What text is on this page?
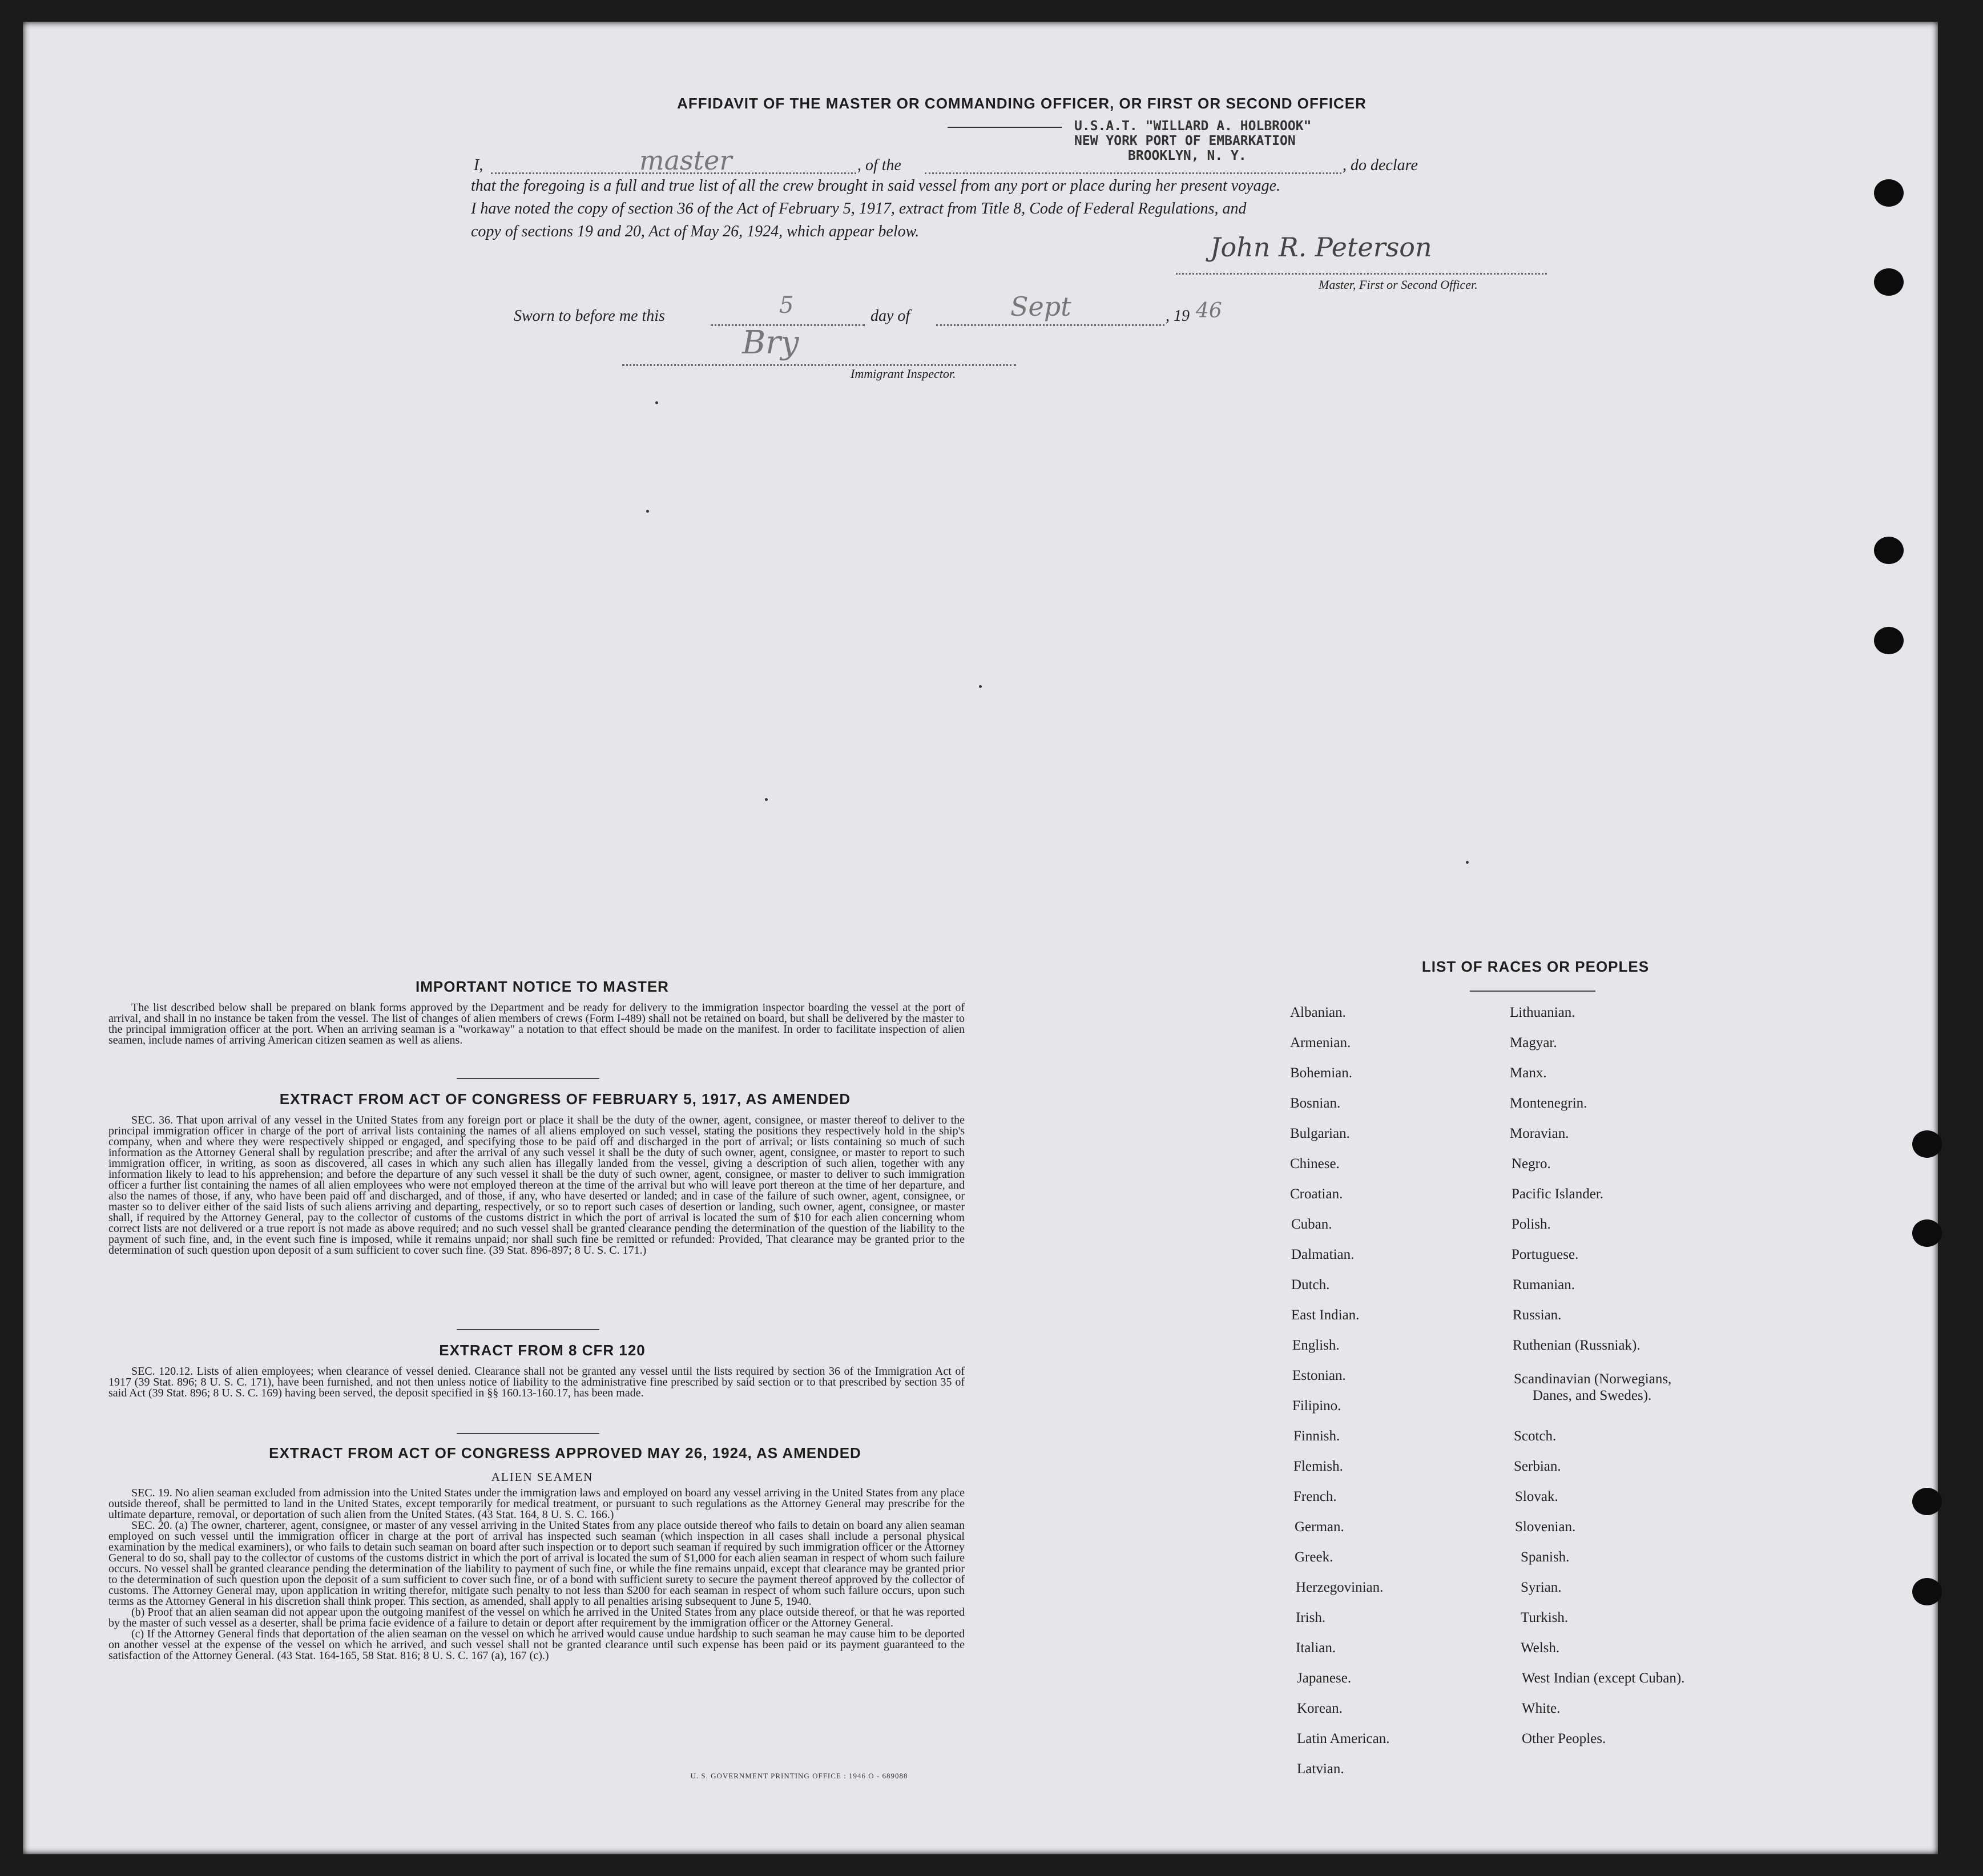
AFFIDAVIT OF THE MASTER OR COMMANDING OFFICER, OR FIRST OR SECOND OFFICER
U.S.A.T. "WILLARD A. HOLBROOK"
NEW YORK PORT OF EMBARKATION
BROOKLYN, N. Y.
I,	master	, of the	, do declare
that the foregoing is a full and true list of all the crew brought in said vessel from any port or place during her present voyage.
I have noted the copy of section 36 of the Act of February 5, 1917, extract from Title 8, Code of Federal Regulations, and
copy of sections 19 and 20, Act of May 26, 1924, which appear below.
John R. Peterson
Master, First or Second Officer.
Sworn to before me this	5	day of	Sept	, 19 46
Bry
Immigrant Inspector.
IMPORTANT NOTICE TO MASTER

The list described below shall be prepared on blank forms approved by the Department and be ready for delivery to the immigration inspector boarding the vessel at the port of arrival, and shall in no instance be taken from the vessel. The list of changes of alien members of crews (Form I-489) shall not be retained on board, but shall be delivered by the master to the principal immigration officer at the port. When an arriving seaman is a "workaway" a notation to that effect should be made on the manifest. In order to facilitate inspection of alien seamen, include names of arriving American citizen seamen as well as aliens.

EXTRACT FROM ACT OF CONGRESS OF FEBRUARY 5, 1917, AS AMENDED

SEC. 36. That upon arrival of any vessel in the United States from any foreign port or place it shall be the duty of the owner, agent, consignee, or master thereof to deliver to the principal immigration officer in charge of the port of arrival lists containing the names of all aliens employed on such vessel, stating the positions they respectively hold in the ship's company, when and where they were respectively shipped or engaged, and specifying those to be paid off and discharged in the port of arrival; or lists containing so much of such information as the Attorney General shall by regulation prescribe; and after the arrival of any such vessel it shall be the duty of such owner, agent, consignee, or master to report to such immigration officer, in writing, as soon as discovered, all cases in which any such alien has illegally landed from the vessel, giving a description of such alien, together with any information likely to lead to his apprehension; and before the departure of any such vessel it shall be the duty of such owner, agent, consignee, or master to deliver to such immigration officer a further list containing the names of all alien employees who were not employed thereon at the time of the arrival but who will leave port thereon at the time of her departure, and also the names of those, if any, who have been paid off and discharged, and of those, if any, who have deserted or landed; and in case of the failure of such owner, agent, consignee, or master so to deliver either of the said lists of such aliens arriving and departing, respectively, or so to report such cases of desertion or landing, such owner, agent, consignee, or master shall, if required by the Attorney General, pay to the collector of customs of the customs district in which the port of arrival is located the sum of $10 for each alien concerning whom correct lists are not delivered or a true report is not made as above required; and no such vessel shall be granted clearance pending the determination of the question of the liability to the payment of such fine, and, in the event such fine is imposed, while it remains unpaid; nor shall such fine be remitted or refunded: Provided, That clearance may be granted prior to the determination of such question upon deposit of a sum sufficient to cover such fine. (39 Stat. 896-897; 8 U. S. C. 171.)

EXTRACT FROM 8 CFR 120

SEC. 120.12. Lists of alien employees; when clearance of vessel denied. Clearance shall not be granted any vessel until the lists required by section 36 of the Immigration Act of 1917 (39 Stat. 896; 8 U. S. C. 171), have been furnished, and not then unless notice of liability to the administrative fine prescribed by said section or to that prescribed by section 35 of said Act (39 Stat. 896; 8 U. S. C. 169) having been served, the deposit specified in §§ 160.13-160.17, has been made.

EXTRACT FROM ACT OF CONGRESS APPROVED MAY 26, 1924, AS AMENDED
ALIEN SEAMEN

SEC. 19. No alien seaman excluded from admission into the United States under the immigration laws and employed on board any vessel arriving in the United States from any place outside thereof, shall be permitted to land in the United States, except temporarily for medical treatment, or pursuant to such regulations as the Attorney General may prescribe for the ultimate departure, removal, or deportation of such alien from the United States. (43 Stat. 164, 8 U. S. C. 166.)

SEC. 20. (a) The owner, charterer, agent, consignee, or master of any vessel arriving in the United States from any place outside thereof who fails to detain on board any alien seaman employed on such vessel until the immigration officer in charge at the port of arrival has inspected such seaman (which inspection in all cases shall include a personal physical examination by the medical examiners), or who fails to detain such seaman on board after such inspection or to deport such seaman if required by such immigration officer or the Attorney General to do so, shall pay to the collector of customs of the customs district in which the port of arrival is located the sum of $1,000 for each alien seaman in respect of whom such failure occurs. No vessel shall be granted clearance pending the determination of the liability to payment of such fine, or while the fine remains unpaid, except that clearance may be granted prior to the determination of such question upon the deposit of a sum sufficient to cover such fine, or of a bond with sufficient surety to secure the payment thereof approved by the collector of customs. The Attorney General may, upon application in writing therefor, mitigate such penalty to not less than $200 for each seaman in respect of whom such failure occurs, upon such terms as the Attorney General in his discretion shall think proper. This section, as amended, shall apply to all penalties arising subsequent to June 5, 1940.

(b) Proof that an alien seaman did not appear upon the outgoing manifest of the vessel on which he arrived in the United States from any place outside thereof, or that he was reported by the master of such vessel as a deserter, shall be prima facie evidence of a failure to detain or deport after requirement by the immigration officer or the Attorney General.

(c) If the Attorney General finds that deportation of the alien seaman on the vessel on which he arrived would cause undue hardship to such seaman he may cause him to be deported on another vessel at the expense of the vessel on which he arrived, and such vessel shall not be granted clearance until such expense has been paid or its payment guaranteed to the satisfaction of the Attorney General. (43 Stat. 164-165, 58 Stat. 816; 8 U. S. C. 167 (a), 167 (c).)

U. S. GOVERNMENT PRINTING OFFICE : 1946 O - 689088
LIST OF RACES OR PEOPLES
Albanian.
Armenian.
Bohemian.
Bosnian.
Bulgarian.
Chinese.
Croatian.
Cuban.
Dalmatian.
Dutch.
East Indian.
English.
Estonian.
Filipino.
Finnish.
Flemish.
French.
German.
Greek.
Herzegovinian.
Irish.
Italian.
Japanese.
Korean.
Latin American.
Latvian.
Lithuanian.
Magyar.
Manx.
Montenegrin.
Moravian.
Negro.
Pacific Islander.
Polish.
Portuguese.
Rumanian.
Russian.
Ruthenian (Russniak).
Scandinavian (Norwegians,
Danes, and Swedes).
Scotch.
Serbian.
Slovak.
Slovenian.
Spanish.
Syrian.
Turkish.
Welsh.
West Indian (except Cuban).
White.
Other Peoples.
